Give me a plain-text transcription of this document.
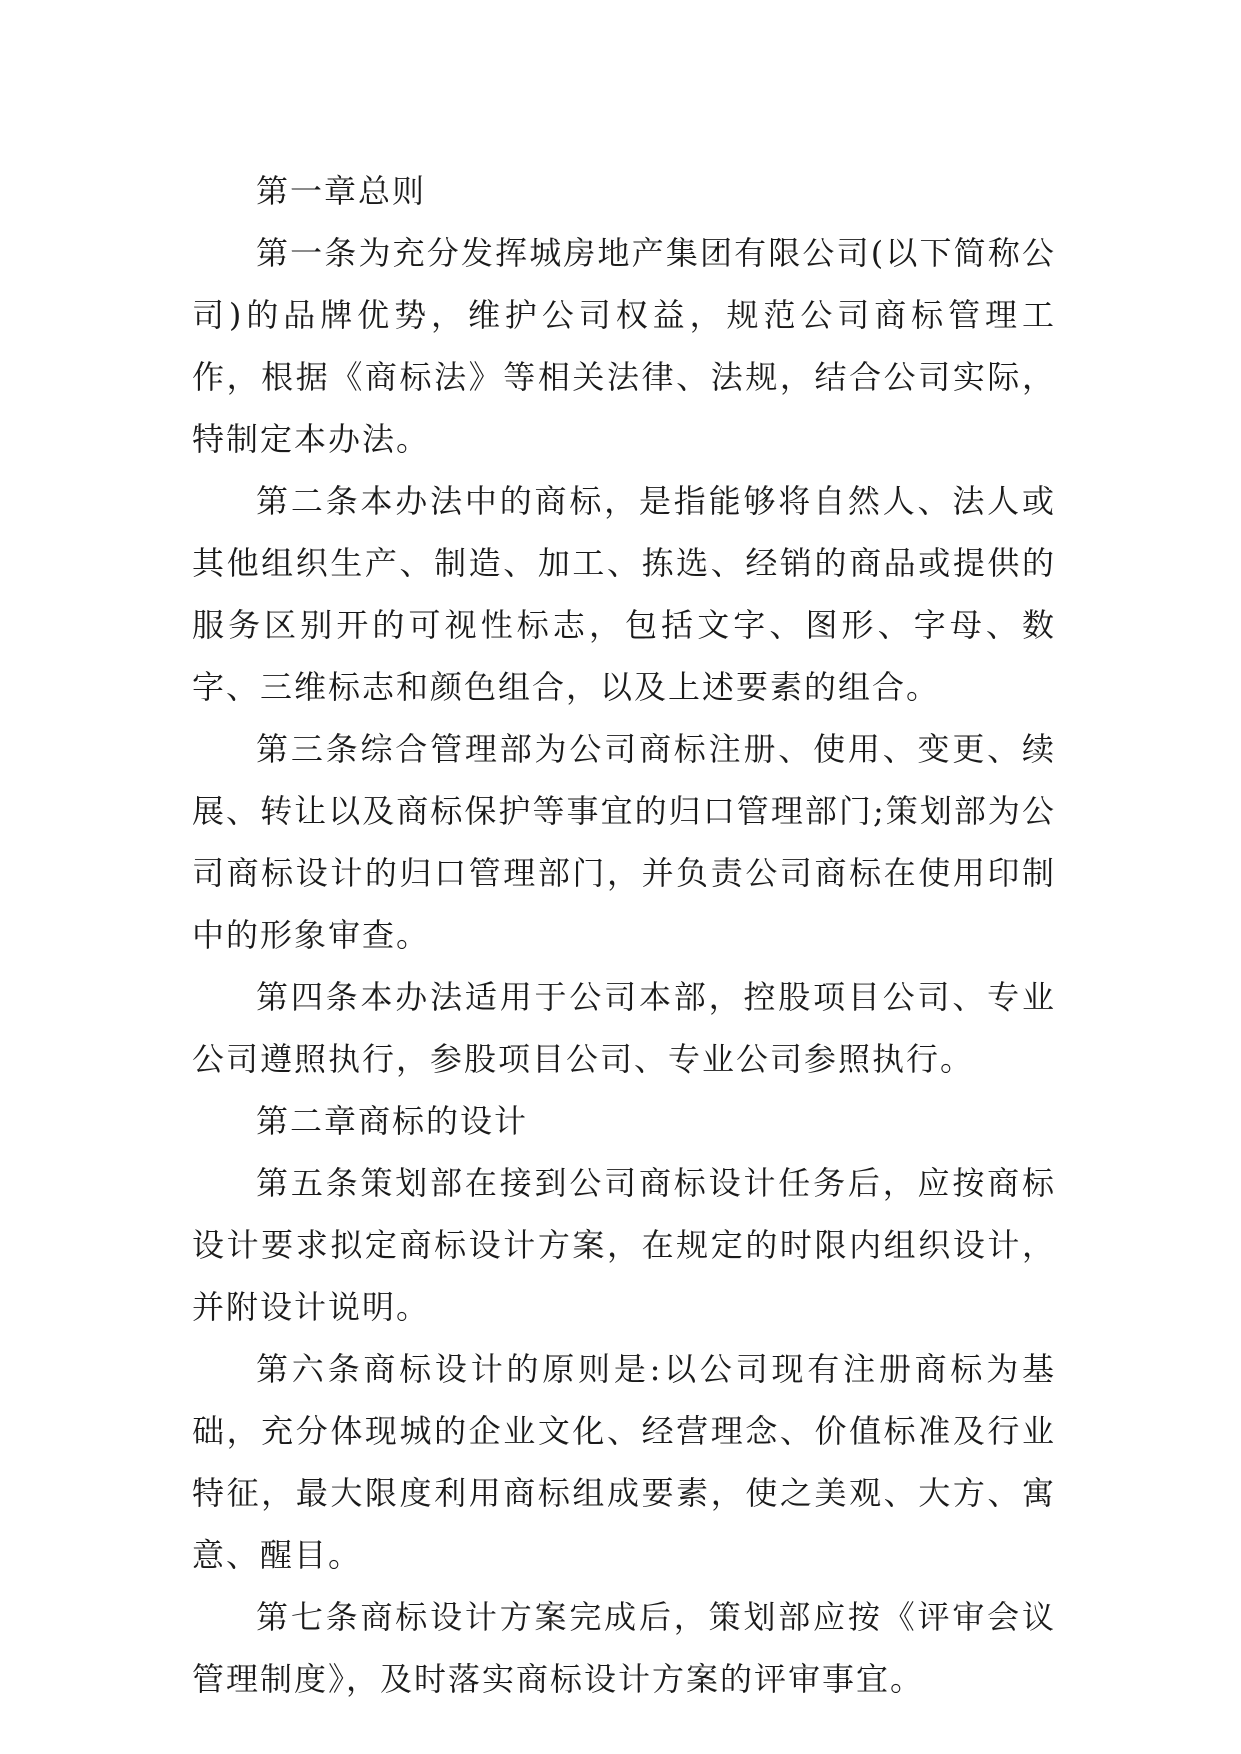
第一章总则

第一条为充分发挥城房地产集团有限公司(以下简称公司)的品牌优势，维护公司权益，规范公司商标管理工作，根据《商标法》等相关法律、法规，结合公司实际，特制定本办法。

第二条本办法中的商标，是指能够将自然人、法人或其他组织生产、制造、加工、拣选、经销的商品或提供的服务区别开的可视性标志，包括文字、图形、字母、数字、三维标志和颜色组合，以及上述要素的组合。

第三条综合管理部为公司商标注册、使用、变更、续展、转让以及商标保护等事宜的归口管理部门;策划部为公司商标设计的归口管理部门，并负责公司商标在使用印制中的形象审查。

第四条本办法适用于公司本部，控股项目公司、专业公司遵照执行，参股项目公司、专业公司参照执行。

第二章商标的设计

第五条策划部在接到公司商标设计任务后，应按商标设计要求拟定商标设计方案，在规定的时限内组织设计，并附设计说明。

第六条商标设计的原则是:以公司现有注册商标为基础，充分体现城的企业文化、经营理念、价值标准及行业特征，最大限度利用商标组成要素，使之美观、大方、寓意、醒目。

第七条商标设计方案完成后，策划部应按《评审会议管理制度》，及时落实商标设计方案的评审事宜。
